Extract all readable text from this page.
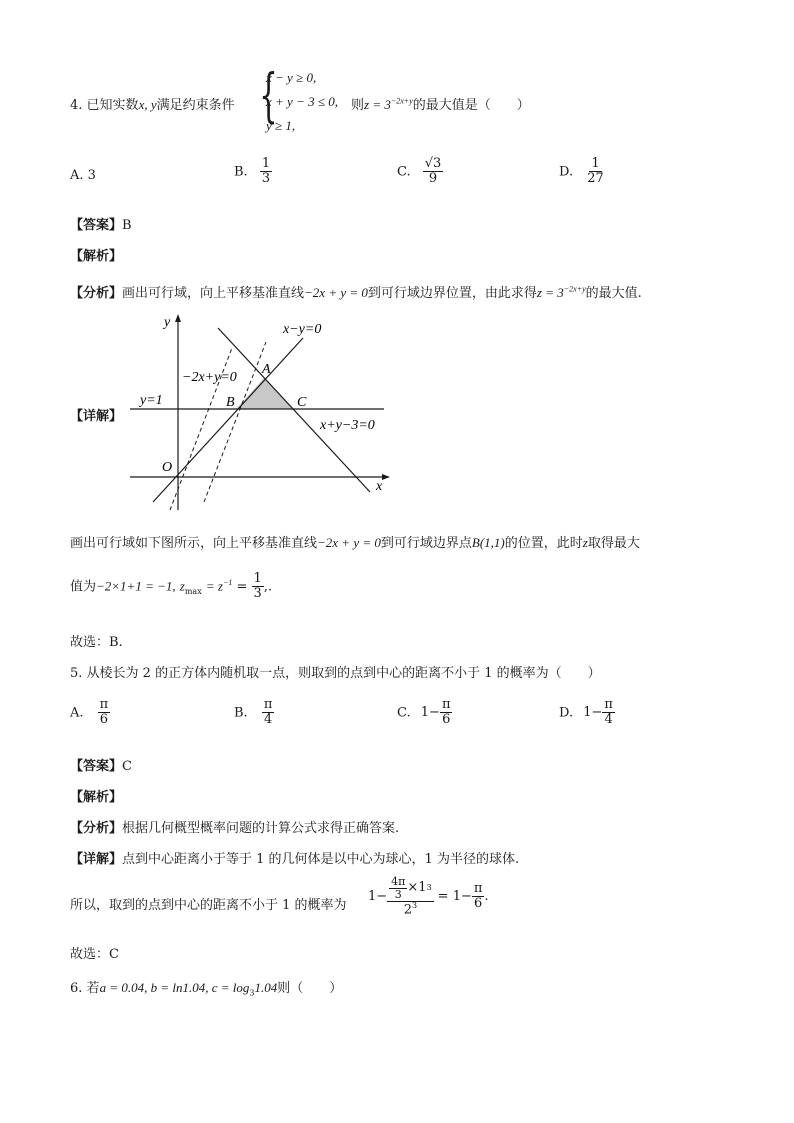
4. 已知实数x, y满足约束条件 {
x − y ≥ 0,
x + y − 3 ≤ 0,
y ≥ 1,
则$z = 3^{-2x+y}$的最大值是（　　）
A. 3	B. $\frac{1}{3}$	C. $\frac{√3}{9}$	D. $\frac{1}{27}$
【答案】B
【解析】
【分析】画出可行域，向上平移基准直线−2x + y = 0到可行域边界位置，由此求得$z = 3^{-2x+y}$的最大值.
【详解】
y
x
O
x−y=0
−2x+y=0
y=1
x+y−3=0
A
B	C
画出可行域如下图所示，向上平移基准直线−2x + y = 0到可行域边界点B(1,1)的位置，此时z取得最大
值为−2×1+1 = −1, $z_{max} = z^{-1} = \frac{1}{3}$ ,.
故选：B.
5. 从棱长为 2 的正方体内随机取一点，则取到的点到中心的距离不小于 1 的概率为（　　）
A. $\frac{\pi}{6}$	B. $\frac{\pi}{4}$	C. $1- \frac{\pi}{6}$	D. $1- \frac{\pi}{4}$
【答案】C
【解析】
【分析】根据几何概型概率问题的计算公式求得正确答案.
【详解】点到中心距离小于等于 1 的几何体是以中心为球心，1 为半径的球体.
所以，取到的点到中心的距离不小于 1 的概率为
$1- \frac{\frac{4\pi}{3} \times 1 3}{2^3} = 1- \frac{\pi}{6}$ .
故选：C
6. 若a = 0.04, b = ln1.04, $c = \log_31.04$则（　　）
